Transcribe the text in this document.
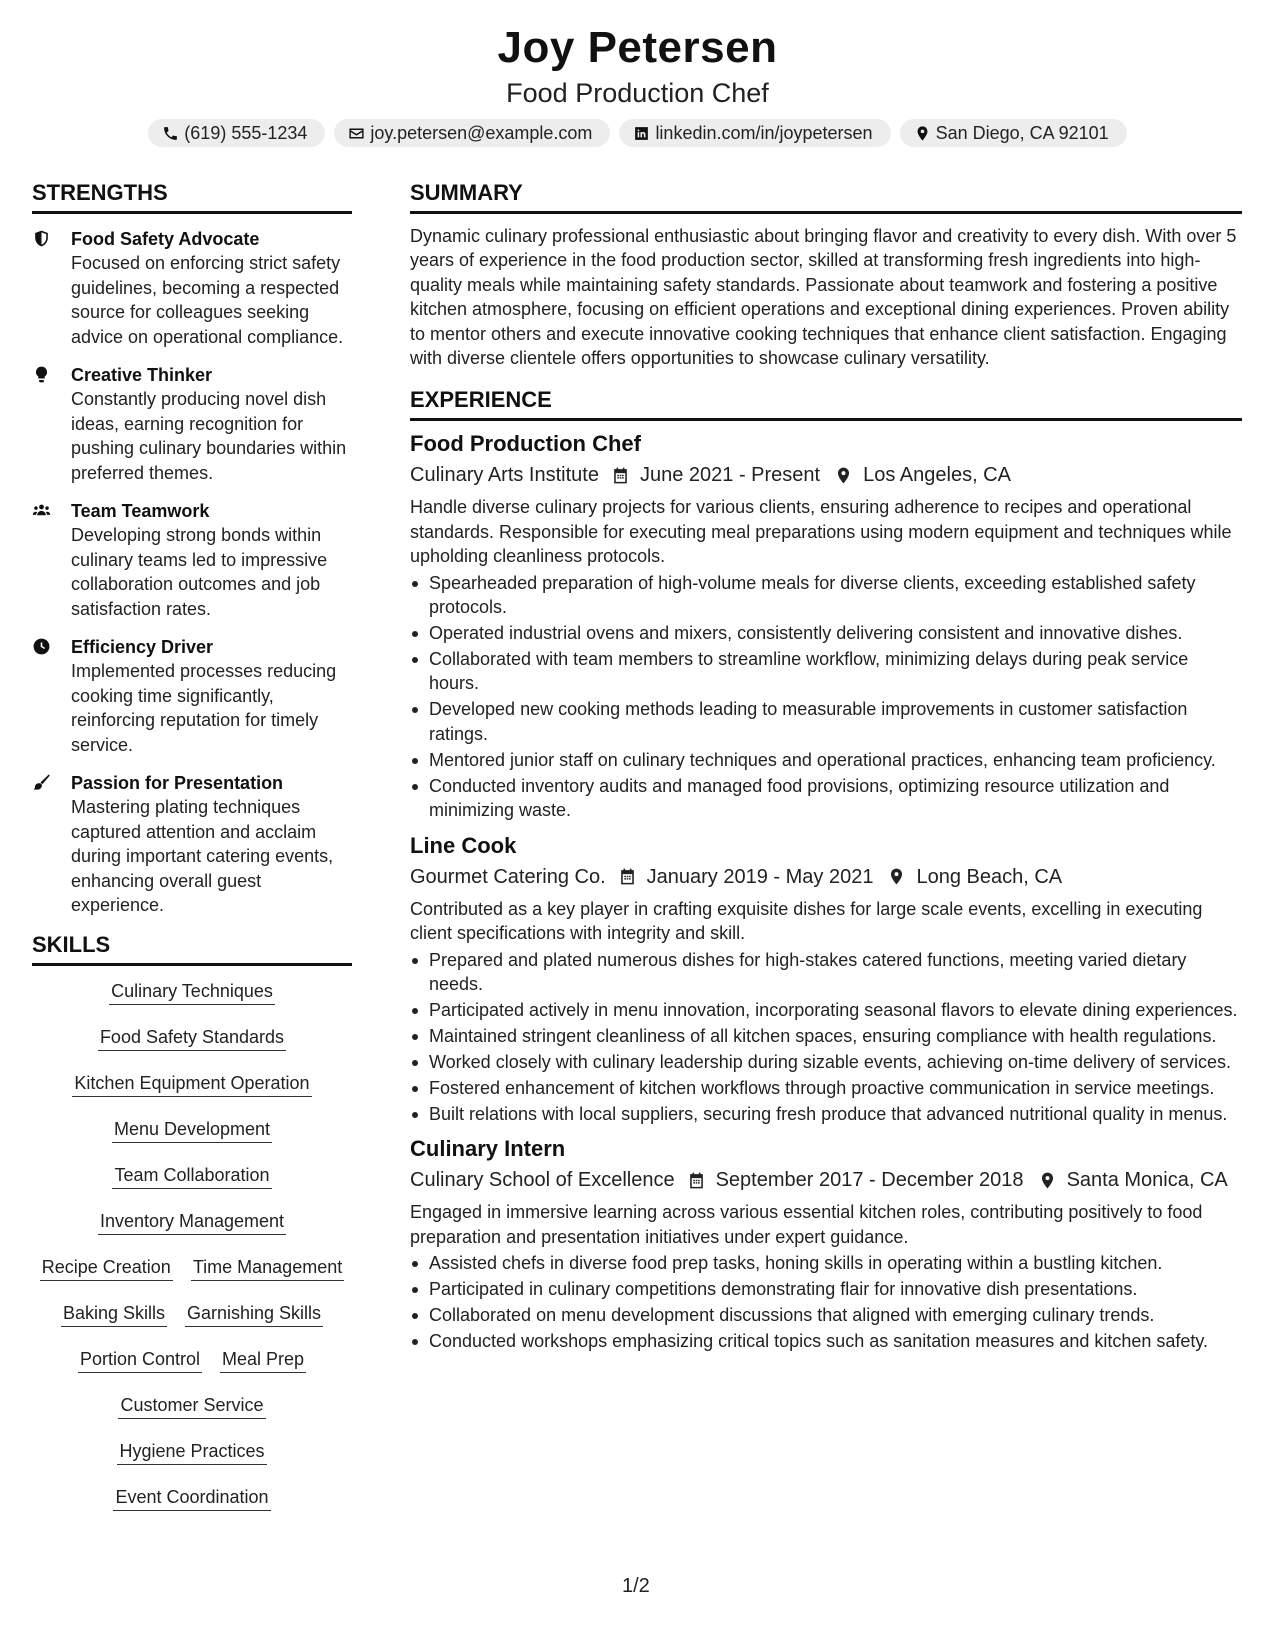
Joy Petersen
Food Production Chef
(619) 555-1234	joy.petersen@example.com	linkedin.com/in/joypetersen	San Diego, CA 92101
STRENGTHS
Food Safety Advocate
Focused on enforcing strict safety guidelines, becoming a respected source for colleagues seeking advice on operational compliance.
Creative Thinker
Constantly producing novel dish ideas, earning recognition for pushing culinary boundaries within preferred themes.
Team Teamwork
Developing strong bonds within culinary teams led to impressive collaboration outcomes and job satisfaction rates.
Efficiency Driver
Implemented processes reducing cooking time significantly, reinforcing reputation for timely service.
Passion for Presentation
Mastering plating techniques captured attention and acclaim during important catering events, enhancing overall guest experience.
SKILLS
Culinary Techniques
Food Safety Standards
Kitchen Equipment Operation
Menu Development
Team Collaboration
Inventory Management
Recipe Creation Time Management
Baking Skills Garnishing Skills
Portion Control Meal Prep
Customer Service
Hygiene Practices
Event Coordination
SUMMARY
Dynamic culinary professional enthusiastic about bringing flavor and creativity to every dish. With over 5 years of experience in the food production sector, skilled at transforming fresh ingredients into high-quality meals while maintaining safety standards. Passionate about teamwork and fostering a positive kitchen atmosphere, focusing on efficient operations and exceptional dining experiences. Proven ability to mentor others and execute innovative cooking techniques that enhance client satisfaction. Engaging with diverse clientele offers opportunities to showcase culinary versatility.
EXPERIENCE
Food Production Chef
Culinary Arts Institute June 2021 - Present Los Angeles, CA
Handle diverse culinary projects for various clients, ensuring adherence to recipes and operational standards. Responsible for executing meal preparations using modern equipment and techniques while upholding cleanliness protocols.
Spearheaded preparation of high-volume meals for diverse clients, exceeding established safety protocols.
Operated industrial ovens and mixers, consistently delivering consistent and innovative dishes.
Collaborated with team members to streamline workflow, minimizing delays during peak service hours.
Developed new cooking methods leading to measurable improvements in customer satisfaction ratings.
Mentored junior staff on culinary techniques and operational practices, enhancing team proficiency.
Conducted inventory audits and managed food provisions, optimizing resource utilization and minimizing waste.
Line Cook
Gourmet Catering Co. January 2019 - May 2021 Long Beach, CA
Contributed as a key player in crafting exquisite dishes for large scale events, excelling in executing client specifications with integrity and skill.
Prepared and plated numerous dishes for high-stakes catered functions, meeting varied dietary needs.
Participated actively in menu innovation, incorporating seasonal flavors to elevate dining experiences.
Maintained stringent cleanliness of all kitchen spaces, ensuring compliance with health regulations.
Worked closely with culinary leadership during sizable events, achieving on-time delivery of services.
Fostered enhancement of kitchen workflows through proactive communication in service meetings.
Built relations with local suppliers, securing fresh produce that advanced nutritional quality in menus.
Culinary Intern
Culinary School of Excellence September 2017 - December 2018 Santa Monica, CA
Engaged in immersive learning across various essential kitchen roles, contributing positively to food preparation and presentation initiatives under expert guidance.
Assisted chefs in diverse food prep tasks, honing skills in operating within a bustling kitchen.
Participated in culinary competitions demonstrating flair for innovative dish presentations.
Collaborated on menu development discussions that aligned with emerging culinary trends.
Conducted workshops emphasizing critical topics such as sanitation measures and kitchen safety.
1/2
